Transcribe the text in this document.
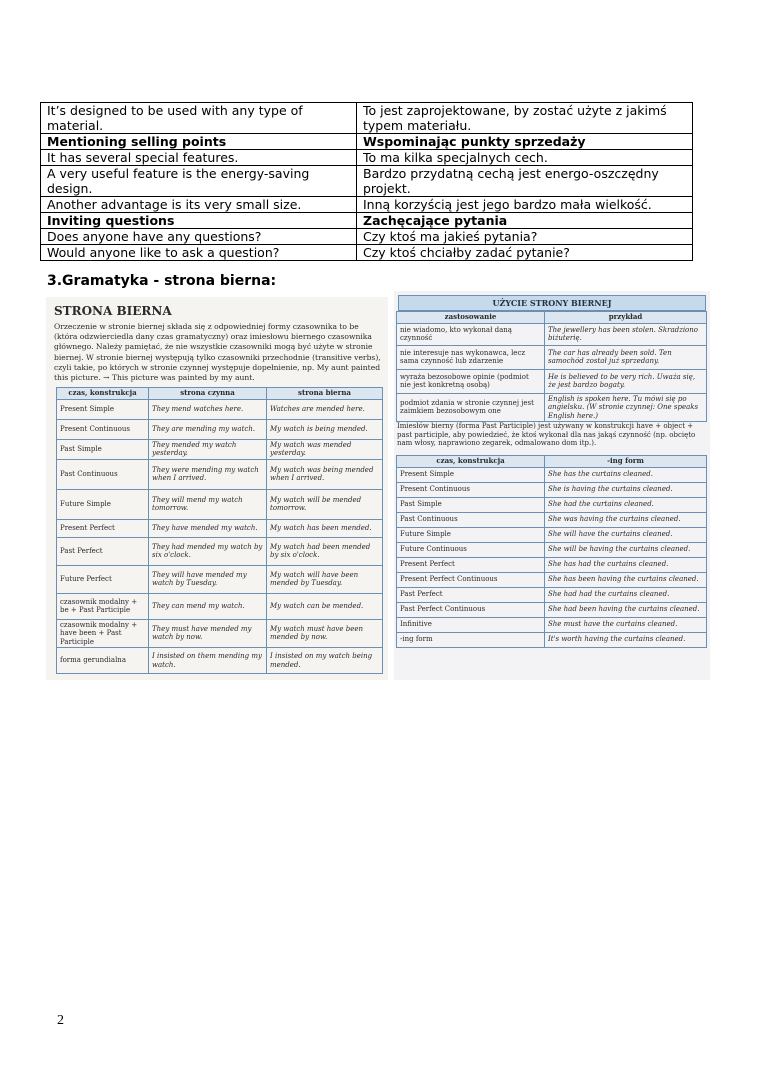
It’s designed to be used with any type of material.	To jest zaprojektowane, by zostać użyte z jakimś typem materiału.
Mentioning selling points	Wspominając punkty sprzedaży
It has several special features.	To ma kilka specjalnych cech.
A very useful feature is the energy-saving design.	Bardzo przydatną cechą jest energo-oszczędny projekt.
Another advantage is its very small size.	Inną korzyścią jest jego bardzo mała wielkość.
Inviting questions	Zachęcające pytania
Does anyone have any questions?	Czy ktoś ma jakieś pytania?
Would anyone like to ask a question?	Czy ktoś chciałby zadać pytanie?
3.Gramatyka - strona bierna:
STRONA BIERNA
Orzeczenie w stronie biernej składa się z odpowiedniej formy czasownika to be (która odzwierciedla dany czas gramatyczny) oraz imiesłowu biernego czasownika głównego. Należy pamiętać, że nie wszystkie czasowniki mogą być użyte w stronie biernej. W stronie biernej występują tylko czasowniki przechodnie (transitive verbs), czyli takie, po których w stronie czynnej występuje dopełnienie, np. My aunt painted this picture. → This picture was painted by my aunt.
czas, konstrukcja	strona czynna	strona bierna
Present Simple	They mend watches here.	Watches are mended here.
Present Continuous	They are mending my watch.	My watch is being mended.
Past Simple	They mended my watch yesterday.	My watch was mended yesterday.
Past Continuous	They were mending my watch when I arrived.	My watch was being mended when I arrived.
Future Simple	They will mend my watch tomorrow.	My watch will be mended tomorrow.
Present Perfect	They have mended my watch.	My watch has been mended.
Past Perfect	They had mended my watch by six o'clock.	My watch had been mended by six o'clock.
Future Perfect	They will have mended my watch by Tuesday.	My watch will have been mended by Tuesday.
czasownik modalny + be + Past Participle	They can mend my watch.	My watch can be mended.
czasownik modalny + have been + Past Participle	They must have mended my watch by now.	My watch must have been mended by now.
forma gerundialna	I insisted on them mending my watch.	I insisted on my watch being mended.
UŻYCIE STRONY BIERNEJ
zastosowanie	przykład
nie wiadomo, kto wykonał daną czynność	The jewellery has been stolen. Skradziono biżuterię.
nie interesuje nas wykonawca, lecz sama czynność lub zdarzenie	The car has already been sold. Ten samochód został już sprzedany.
wyraża bezosobowe opinie (podmiot nie jest konkretną osobą)	He is believed to be very rich. Uważa się, że jest bardzo bogaty.
podmiot zdania w stronie czynnej jest zaimkiem bezosobowym one	English is spoken here. Tu mówi się po angielsku. (W stronie czynnej: One speaks English here.)
Imiesłów bierny (forma Past Participle) jest używany w konstrukcji have + object + past participle, aby powiedzieć, że ktoś wykonał dla nas jakąś czynność (np. obcięto nam włosy, naprawiono zegarek, odmalowano dom itp.).
czas, konstrukcja	-ing form
Present Simple	She has the curtains cleaned.
Present Continuous	She is having the curtains cleaned.
Past Simple	She had the curtains cleaned.
Past Continuous	She was having the curtains cleaned.
Future Simple	She will have the curtains cleaned.
Future Continuous	She will be having the curtains cleaned.
Present Perfect	She has had the curtains cleaned.
Present Perfect Continuous	She has been having the curtains cleaned.
Past Perfect	She had had the curtains cleaned.
Past Perfect Continuous	She had been having the curtains cleaned.
Infinitive	She must have the curtains cleaned.
-ing form	It's worth having the curtains cleaned.
2
